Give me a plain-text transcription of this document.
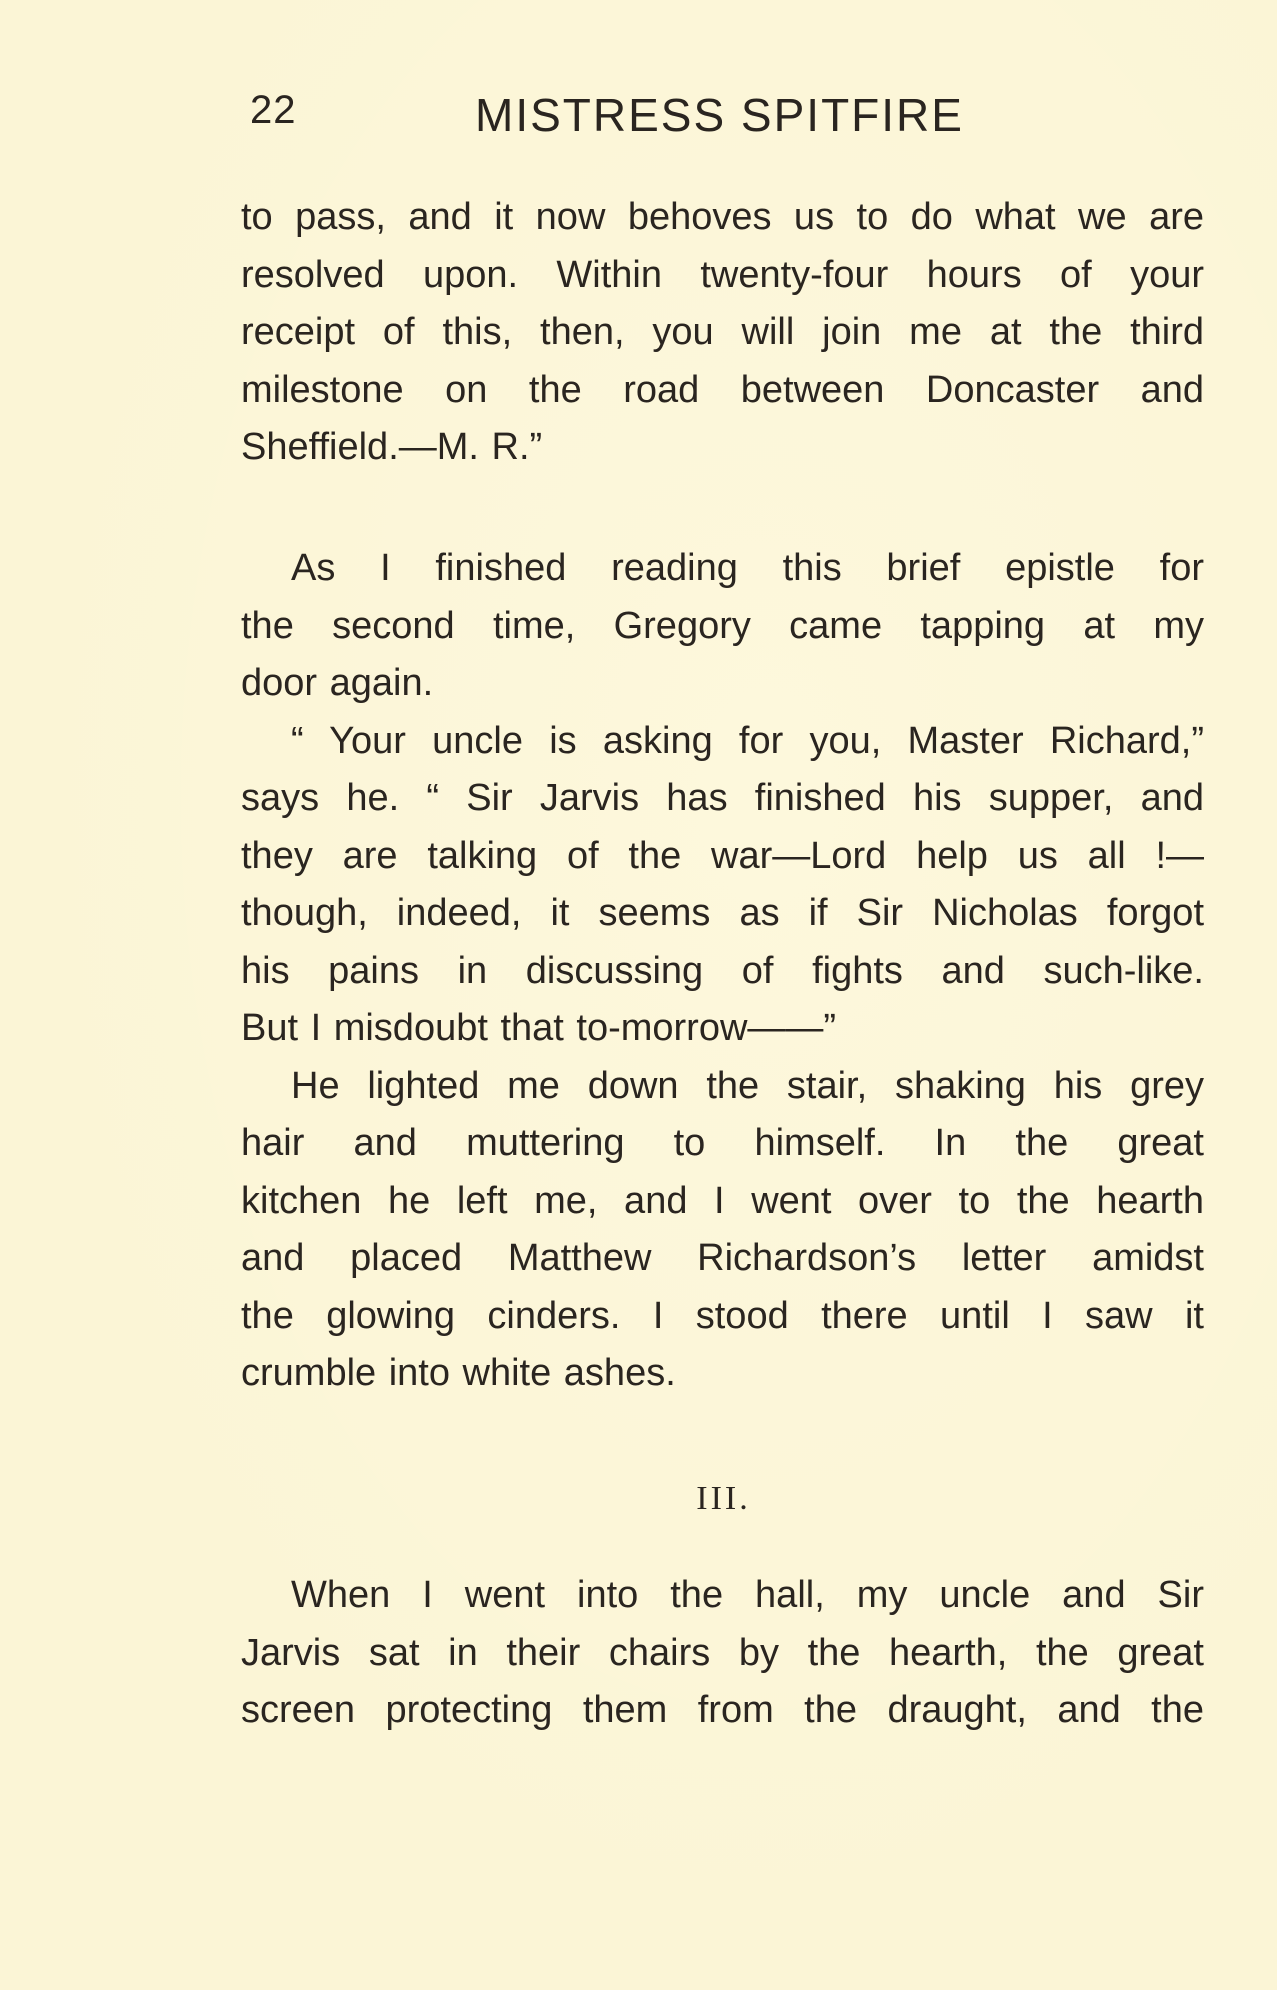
22	MISTRESS SPITFIRE
to pass, and it now behoves us to do what we are
resolved upon. Within twenty-four hours of your
receipt of this, then, you will join me at the third
milestone on the road between Doncaster and
Sheffield.—M. R.”
As I finished reading this brief epistle for
the second time, Gregory came tapping at my
door again.
“ Your uncle is asking for you, Master Richard,”
says he. “ Sir Jarvis has finished his supper, and
they are talking of the war—Lord help us all !—
though, indeed, it seems as if Sir Nicholas forgot
his pains in discussing of fights and such-like.
But I misdoubt that to-morrow——”
He lighted me down the stair, shaking his grey
hair and muttering to himself. In the great
kitchen he left me, and I went over to the hearth
and placed Matthew Richardson’s letter amidst
the glowing cinders. I stood there until I saw it
crumble into white ashes.
III.
When I went into the hall, my uncle and Sir
Jarvis sat in their chairs by the hearth, the great
screen protecting them from the draught, and the
